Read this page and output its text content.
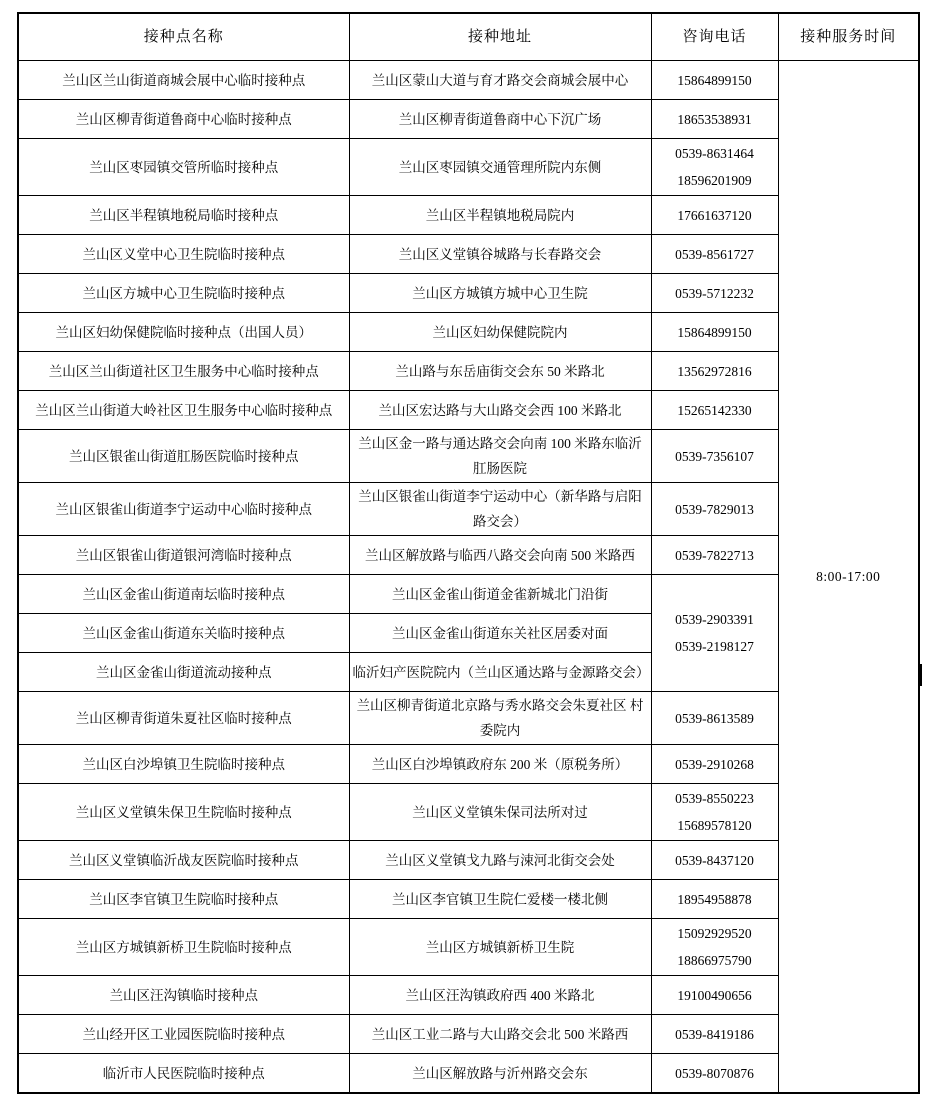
接种点名称	接种地址	咨询电话	接种服务时间
兰山区兰山街道商城会展中心临时接种点	兰山区蒙山大道与育才路交会商城会展中心	15864899150	8:00-17:00
兰山区柳青街道鲁商中心临时接种点	兰山区柳青街道鲁商中心下沉广场	18653538931	

兰山区枣园镇交管所临时接种点	兰山区枣园镇交通管理所院内东侧	0539-8631464
18596201909	

兰山区半程镇地税局临时接种点	兰山区半程镇地税局院内	17661637120	

兰山区义堂中心卫生院临时接种点	兰山区义堂镇谷城路与长春路交会	0539-8561727	

兰山区方城中心卫生院临时接种点	兰山区方城镇方城中心卫生院	0539-5712232	

兰山区妇幼保健院临时接种点（出国人员）	兰山区妇幼保健院院内	15864899150	

兰山区兰山街道社区卫生服务中心临时接种点	兰山路与东岳庙街交会东 50 米路北	13562972816	

兰山区兰山街道大岭社区卫生服务中心临时接种点	兰山区宏达路与大山路交会西 100 米路北	15265142330	

兰山区银雀山街道肛肠医院临时接种点	兰山区金一路与通达路交会向南 100 米路东临沂肛肠医院	0539-7356107	

兰山区银雀山街道李宁运动中心临时接种点	兰山区银雀山街道李宁运动中心（新华路与启阳路交会）	0539-7829013	

兰山区银雀山街道银河湾临时接种点	兰山区解放路与临西八路交会向南 500 米路西	0539-7822713	

兰山区金雀山街道南坛临时接种点	兰山区金雀山街道金雀新城北门沿街	0539-2903391
0539-2198127	

兰山区金雀山街道东关临时接种点	兰山区金雀山街道东关社区居委对面		
兰山区金雀山街道流动接种点	临沂妇产医院院内（兰山区通达路与金源路交会）		
兰山区柳青街道朱夏社区临时接种点	兰山区柳青街道北京路与秀水路交会朱夏社区 村委院内	0539-8613589	

兰山区白沙埠镇卫生院临时接种点	兰山区白沙埠镇政府东 200 米（原税务所）	0539-2910268	

兰山区义堂镇朱保卫生院临时接种点	兰山区义堂镇朱保司法所对过	0539-8550223
15689578120	

兰山区义堂镇临沂战友医院临时接种点	兰山区义堂镇戈九路与涑河北街交会处	0539-8437120	

兰山区李官镇卫生院临时接种点	兰山区李官镇卫生院仁爱楼一楼北侧	18954958878	

兰山区方城镇新桥卫生院临时接种点	兰山区方城镇新桥卫生院	15092929520
18866975790	

兰山区汪沟镇临时接种点	兰山区汪沟镇政府西 400 米路北	19100490656	

兰山经开区工业园医院临时接种点	兰山区工业二路与大山路交会北 500 米路西	0539-8419186	

临沂市人民医院临时接种点	兰山区解放路与沂州路交会东	0539-8070876	
